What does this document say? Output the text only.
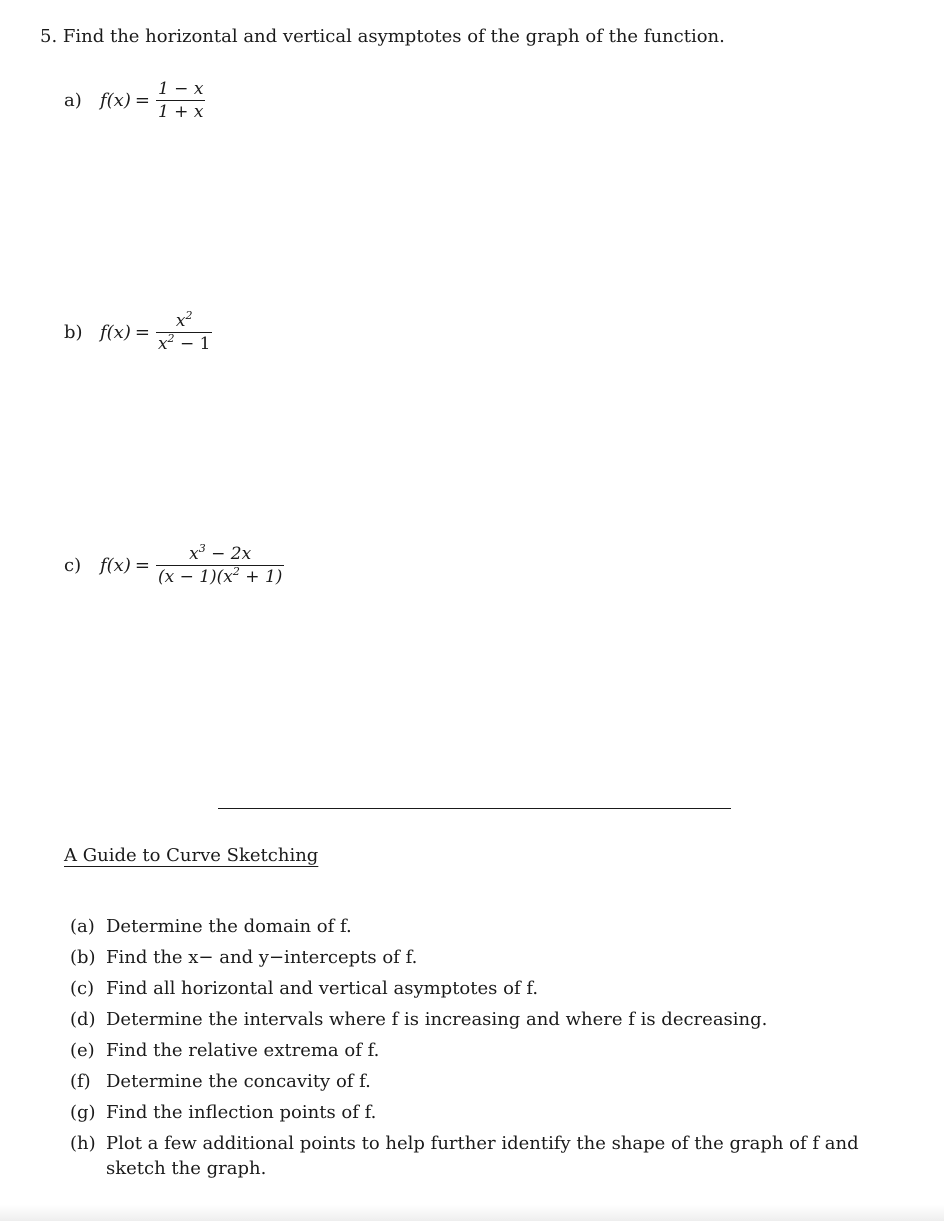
5. Find the horizontal and vertical asymptotes of the graph of the function.
a)	$f(x) = \frac{1 - x}{1 + x}$
b) $f(x) = \frac{x^2}{x^2 - 1}$
c)	$f(x) = \frac{x^3 - 2x}{(x - 1)(x^2 + 1)}$
A Guide to Curve Sketching
(a) Determine the domain of f.
(b) Find the x− and y−intercepts of f.
(c) Find all horizontal and vertical asymptotes of f.
(d) Determine the intervals where f is increasing and where f is decreasing.
(e) Find the relative extrema of f.
(f) Determine the concavity of f.
(g) Find the inflection points of f.
(h) Plot a few additional points to help further identify the shape of the graph of f and sketch the graph.
